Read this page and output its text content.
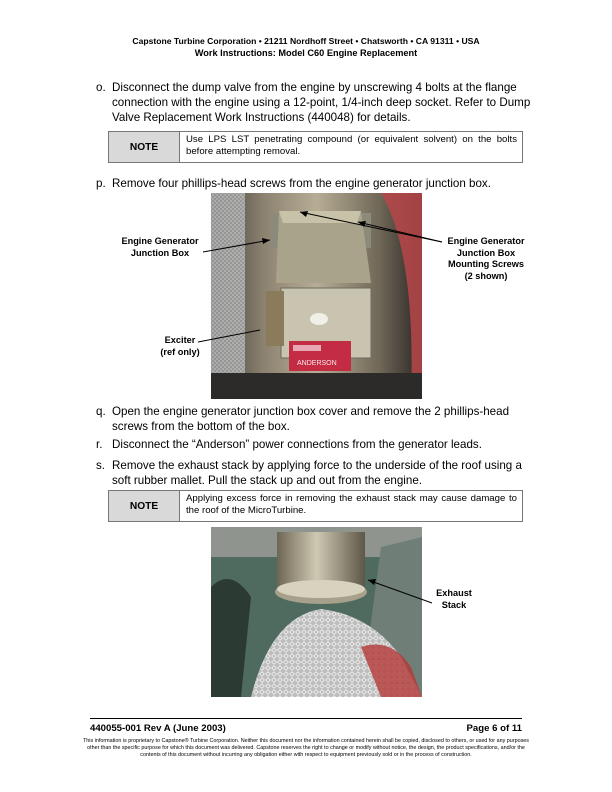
Capstone Turbine Corporation • 21211 Nordhoff Street • Chatsworth • CA 91311 • USA
Work Instructions: Model C60 Engine Replacement
o. Disconnect the dump valve from the engine by unscrewing 4 bolts at the flange connection with the engine using a 12-point, 1/4-inch deep socket. Refer to Dump Valve Replacement Work Instructions (440048) for details.
NOTE
Use LPS LST penetrating compound (or equivalent solvent) on the bolts before attempting removal.
p. Remove four phillips-head screws from the engine generator junction box.
ANDERSON
Engine Generator
Junction Box
Engine Generator
Junction Box
Mounting Screws
(2 shown)
Exciter
(ref only)
q. Open the engine generator junction box cover and remove the 2 phillips-head screws from the bottom of the box.
r. Disconnect the “Anderson” power connections from the generator leads.
s. Remove the exhaust stack by applying force to the underside of the roof using a soft rubber mallet. Pull the stack up and out from the engine.
NOTE
Applying excess force in removing the exhaust stack may cause damage to the roof of the MicroTurbine.
Exhaust
Stack
440055-001 Rev A (June 2003)	Page 6 of 11
This information is proprietary to Capstone® Turbine Corporation. Neither this document nor the information contained herein shall be copied, disclosed to others, or used for any purposes other than the specific purpose for which this document was delivered. Capstone reserves the right to change or modify without notice, the design, the product specifications, and/or the contents of this document without incurring any obligation either with respect to equipment previously sold or in the process of construction.
